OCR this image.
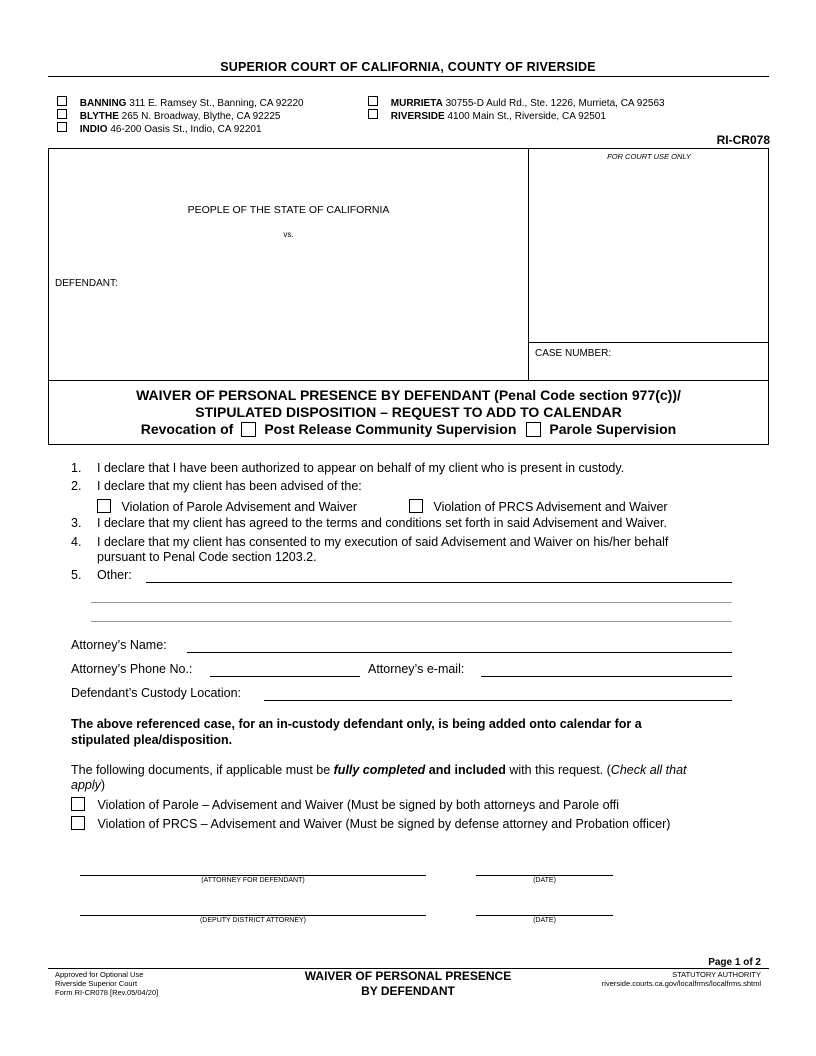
SUPERIOR COURT OF CALIFORNIA, COUNTY OF RIVERSIDE
BANNING 311 E. Ramsey St., Banning, CA 92220
BLYTHE 265 N. Broadway, Blythe, CA 92225
INDIO 46-200 Oasis St., Indio, CA 92201
MURRIETA 30755-D Auld Rd., Ste. 1226, Murrieta, CA 92563
RIVERSIDE 4100 Main St., Riverside, CA 92501
RI-CR078
FOR COURT USE ONLY
PEOPLE OF THE STATE OF CALIFORNIA
vs.
DEFENDANT:
CASE NUMBER:
WAIVER OF PERSONAL PRESENCE BY DEFENDANT (Penal Code section 977(c))/
STIPULATED DISPOSITION – REQUEST TO ADD TO CALENDAR
Revocation of Post Release Community Supervision Parole Supervision
1. I declare that I have been authorized to appear on behalf of my client who is present in custody.
2. I declare that my client has been advised of the:
Violation of Parole Advisement and Waiver	Violation of PRCS Advisement and Waiver
3. I declare that my client has agreed to the terms and conditions set forth in said Advisement and Waiver.
4. I declare that my client has consented to my execution of said Advisement and Waiver on his/her behalf
pursuant to Penal Code section 1203.2.
5. Other:
Attorney’s Name:
Attorney’s Phone No.:	Attorney’s e-mail:
Defendant’s Custody Location:
The above referenced case, for an in-custody defendant only, is being added onto calendar for a
stipulated plea/disposition.
The following documents, if applicable must be fully completed and included with this request. (Check all that
apply)
Violation of Parole – Advisement and Waiver (Must be signed by both attorneys and Parole offi
Violation of PRCS – Advisement and Waiver (Must be signed by defense attorney and Probation officer)
(ATTORNEY FOR DEFENDANT)	(DATE)
(DEPUTY DISTRICT ATTORNEY)	(DATE)
Page 1 of 2
Approved for Optional Use
Riverside Superior Court
Form RI-CR078 [Rev.05/04/20]
WAIVER OF PERSONAL PRESENCE
BY DEFENDANT
STATUTORY AUTHORITY
riverside.courts.ca.gov/localfrms/localfrms.shtml
